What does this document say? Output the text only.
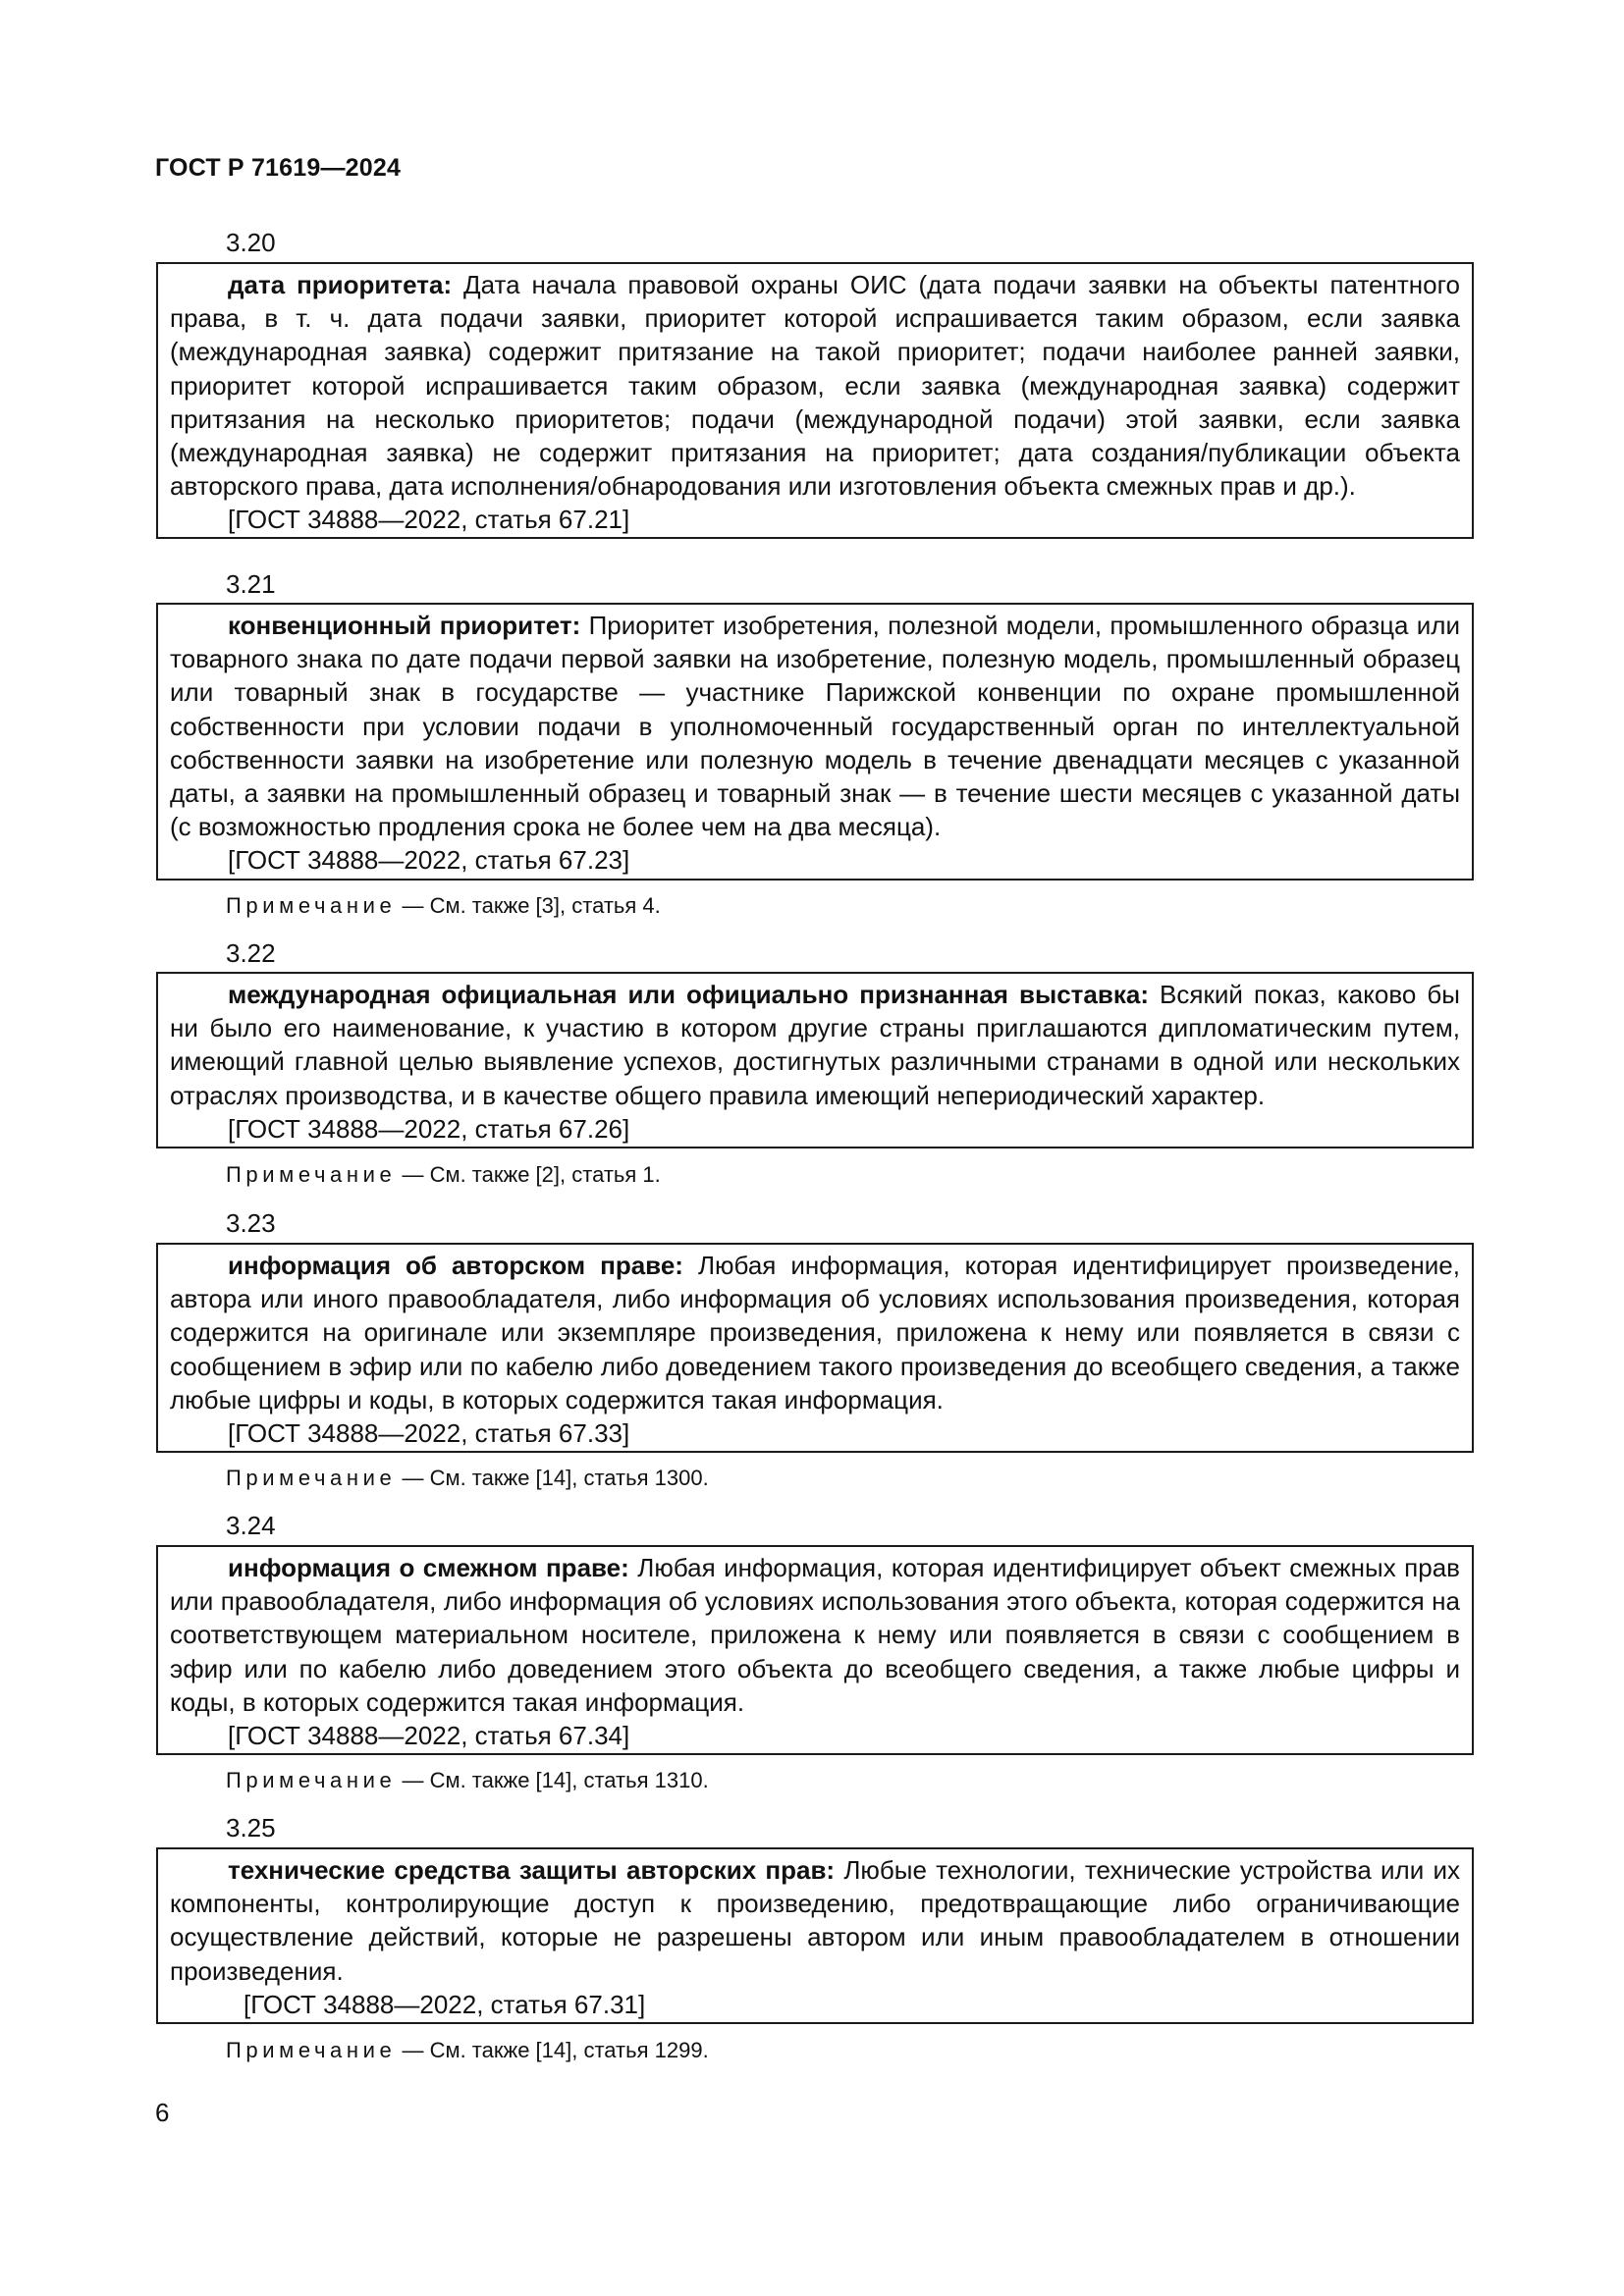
ГОСТ Р 71619—2024
3.20

дата приоритета: Дата начала правовой охраны ОИС (дата подачи заявки на объекты патентного права, в т. ч. дата подачи заявки, приоритет которой испрашивается таким образом, если заявка (международная заявка) содержит притязание на такой приоритет; подачи наиболее ранней заявки, приоритет которой испрашивается таким образом, если заявка (международная заявка) содержит притязания на несколько приоритетов; подачи (международной подачи) этой заявки, если заявка (международная заявка) не содержит притязания на приоритет; дата создания/публикации объекта авторского права, дата исполнения/обнародования или изготовления объекта смежных прав и др.).

[ГОСТ 34888—2022, статья 67.21]
3.21

конвенционный приоритет: Приоритет изобретения, полезной модели, промышленного образца или товарного знака по дате подачи первой заявки на изобретение, полезную модель, промышленный образец или товарный знак в государстве — участнике Парижской конвенции по охране промышленной собственности при условии подачи в уполномоченный государственный орган по интеллектуальной собственности заявки на изобретение или полезную модель в течение двенадцати месяцев с указанной даты, а заявки на промышленный образец и товарный знак — в течение шести месяцев с указанной даты (с возможностью продления срока не более чем на два месяца).

[ГОСТ 34888—2022, статья 67.23]
Примечание — См. также [3], статья 4.
3.22

международная официальная или официально признанная выставка: Всякий показ, каково бы ни было его наименование, к участию в котором другие страны приглашаются дипломатическим путем, имеющий главной целью выявление успехов, достигнутых различными странами в одной или нескольких отраслях производства, и в качестве общего правила имеющий непериодический характер.

[ГОСТ 34888—2022, статья 67.26]
Примечание — См. также [2], статья 1.
3.23

информация об авторском праве: Любая информация, которая идентифицирует произведение, автора или иного правообладателя, либо информация об условиях использования произведения, которая содержится на оригинале или экземпляре произведения, приложена к нему или появляется в связи с сообщением в эфир или по кабелю либо доведением такого произведения до всеобщего сведения, а также любые цифры и коды, в которых содержится такая информация.

[ГОСТ 34888—2022, статья 67.33]
Примечание — См. также [14], статья 1300.
3.24

информация о смежном праве: Любая информация, которая идентифицирует объект смежных прав или правообладателя, либо информация об условиях использования этого объекта, которая содержится на соответствующем материальном носителе, приложена к нему или появляется в связи с сообщением в эфир или по кабелю либо доведением этого объекта до всеобщего сведения, а также любые цифры и коды, в которых содержится такая информация.

[ГОСТ 34888—2022, статья 67.34]
Примечание — См. также [14], статья 1310.
3.25

технические средства защиты авторских прав: Любые технологии, технические устройства или их компоненты, контролирующие доступ к произведению, предотвращающие либо ограничивающие осуществление действий, которые не разрешены автором или иным правообладателем в отношении произведения.

[ГОСТ 34888—2022, статья 67.31]
Примечание — См. также [14], статья 1299.
6
